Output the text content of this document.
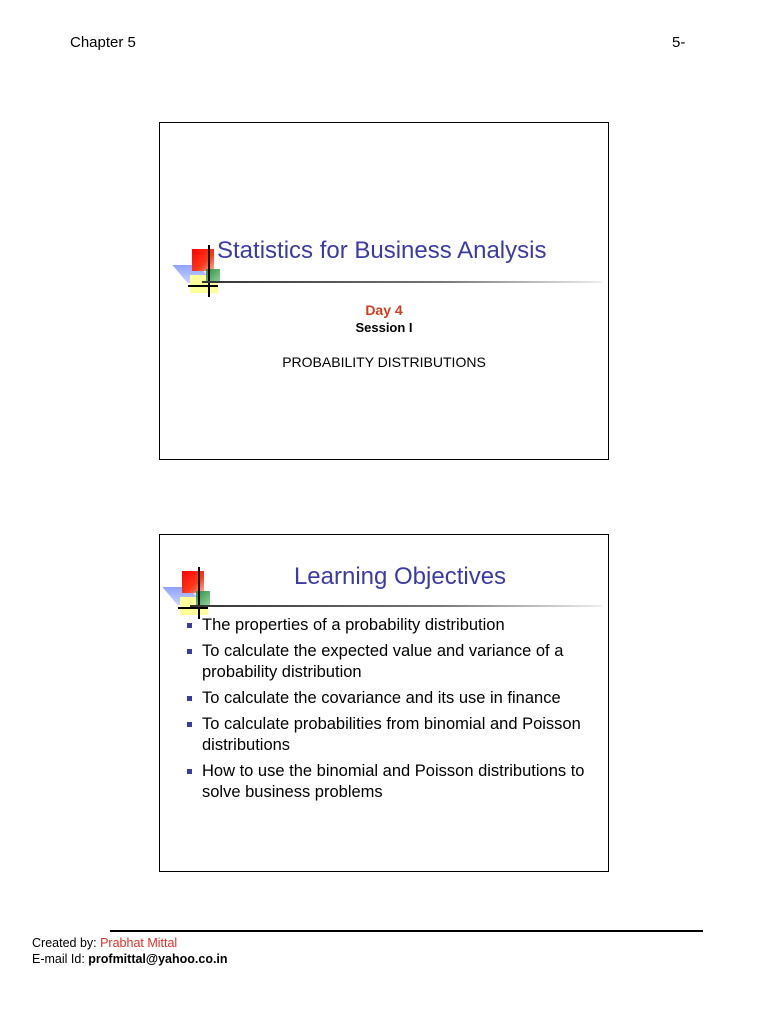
Chapter 5	5-
Statistics for Business Analysis
Day 4
Session I
PROBABILITY DISTRIBUTIONS
Learning Objectives
The properties of a probability distribution
To calculate the expected value and variance of a probability distribution
To calculate the covariance and its use in finance
To calculate probabilities from binomial and Poisson distributions
How to use the binomial and Poisson distributions to solve business problems
Created by: Prabhat Mittal
E-mail Id: profmittal@yahoo.co.in
